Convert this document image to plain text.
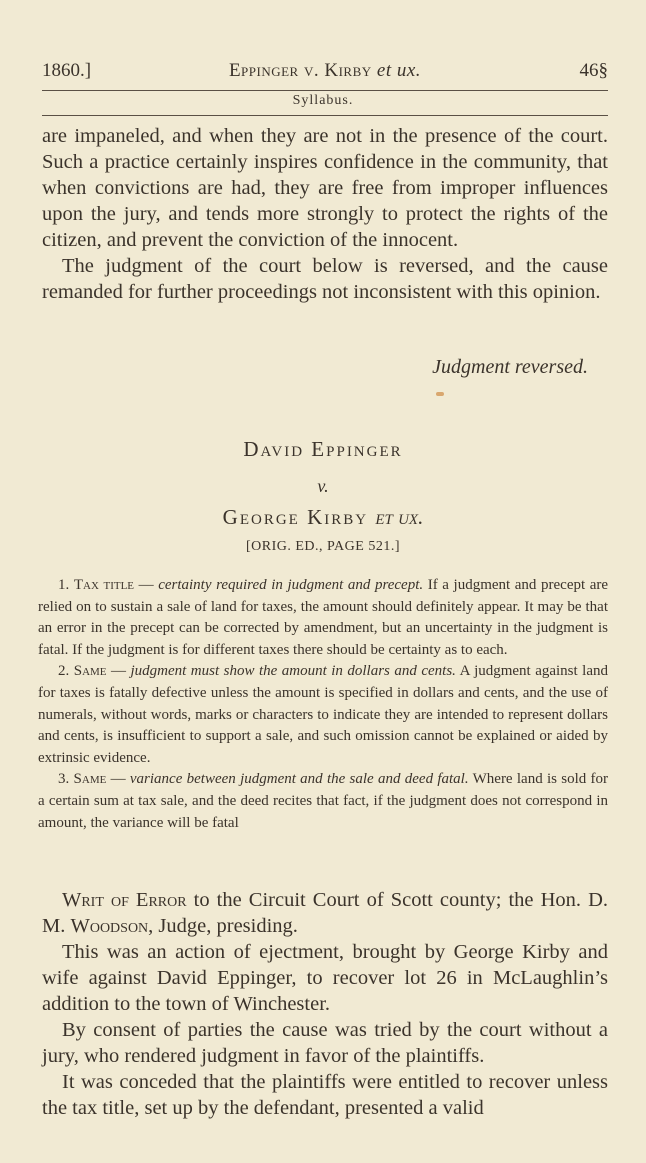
1860.]	Eppinger v. Kirby et ux.	46§
Syllabus.

are impaneled, and when they are not in the presence of the court. Such a practice certainly inspires confidence in the community, that when convictions are had, they are free from improper influences upon the jury, and tends more strongly to protect the rights of the citizen, and prevent the conviction of the innocent.

The judgment of the court below is reversed, and the cause remanded for further proceedings not inconsistent with this opinion.

Judgment reversed.
David Eppinger
v.
George Kirby et ux.
[ORIG. ED., PAGE 521.]

1. Tax title — certainty required in judgment and precept. If a judgment and precept are relied on to sustain a sale of land for taxes, the amount should definitely appear. It may be that an error in the precept can be corrected by amendment, but an uncertainty in the judgment is fatal. If the judgment is for different taxes there should be certainty as to each.

2. Same — judgment must show the amount in dollars and cents. A judgment against land for taxes is fatally defective unless the amount is specified in dollars and cents, and the use of numerals, without words, marks or characters to indicate they are intended to represent dollars and cents, is insufficient to support a sale, and such omission cannot be explained or aided by extrinsic evidence.

3. Same — variance between judgment and the sale and deed fatal. Where land is sold for a certain sum at tax sale, and the deed recites that fact, if the judgment does not correspond in amount, the variance will be fatal

Writ of Error to the Circuit Court of Scott county; the Hon. D. M. Woodson, Judge, presiding.

This was an action of ejectment, brought by George Kirby and wife against David Eppinger, to recover lot 26 in McLaughlin’s addition to the town of Winchester.

By consent of parties the cause was tried by the court without a jury, who rendered judgment in favor of the plaintiffs.

It was conceded that the plaintiffs were entitled to recover unless the tax title, set up by the defendant, presented a valid
